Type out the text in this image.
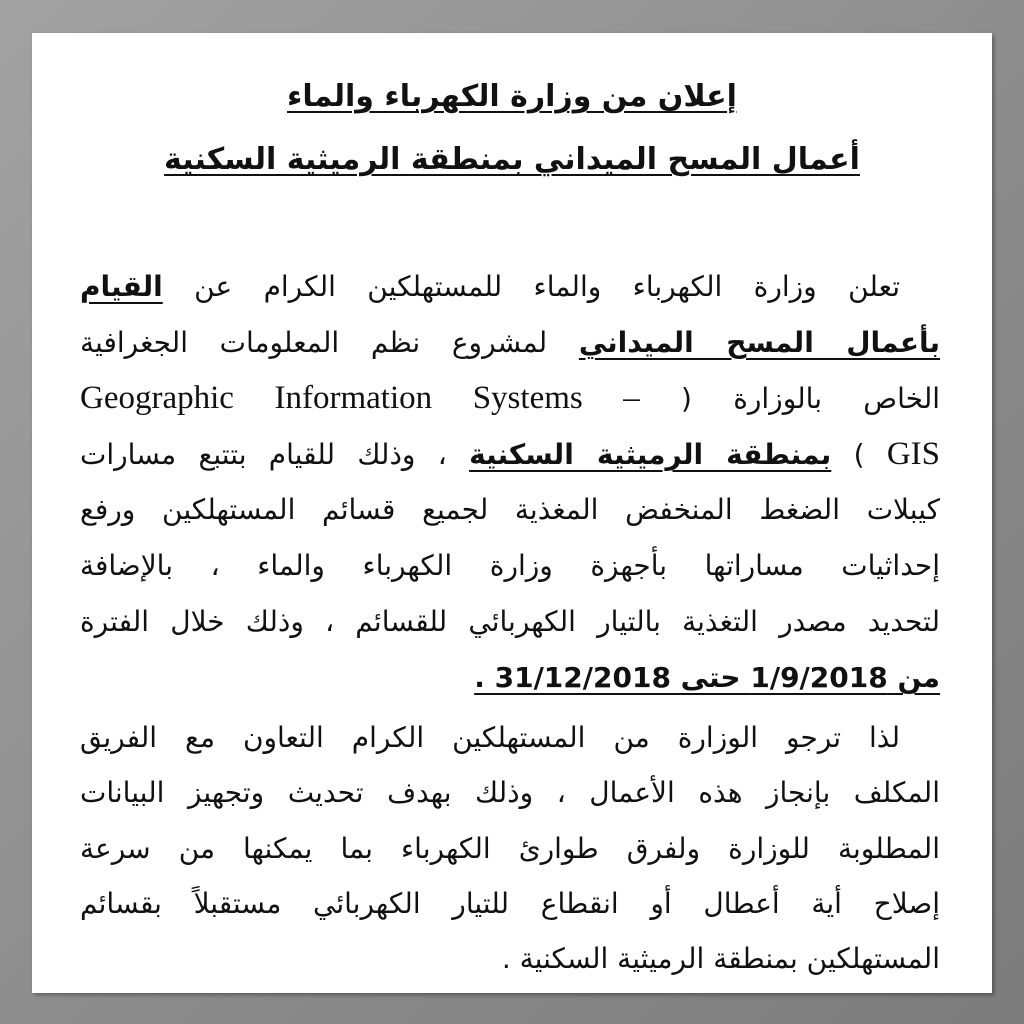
إعلان من وزارة الكهرباء والماء
أعمال المسح الميداني بمنطقة الرميثية السكنية
تعلن وزارة الكهرباء والماء للمستهلكين الكرام عن القيام
بأعمال المسح الميداني لمشروع نظم المعلومات الجغرافية
الخاص بالوزارة ( Geographic Information Systems –
GIS ) بمنطقة الرميثية السكنية ، وذلك للقيام بتتبع مسارات
كيبلات الضغط المنخفض المغذية لجميع قسائم المستهلكين ورفع
إحداثيات مساراتها بأجهزة وزارة الكهرباء والماء ، بالإضافة
لتحديد مصدر التغذية بالتيار الكهربائي للقسائم ، وذلك خلال الفترة
من 1/9/2018 حتى 31/12/2018 .
لذا ترجو الوزارة من المستهلكين الكرام التعاون مع الفريق
المكلف بإنجاز هذه الأعمال ، وذلك بهدف تحديث وتجهيز البيانات
المطلوبة للوزارة ولفرق طوارئ الكهرباء بما يمكنها من سرعة
إصلاح أية أعطال أو انقطاع للتيار الكهربائي مستقبلاً بقسائم
المستهلكين بمنطقة الرميثية السكنية .
